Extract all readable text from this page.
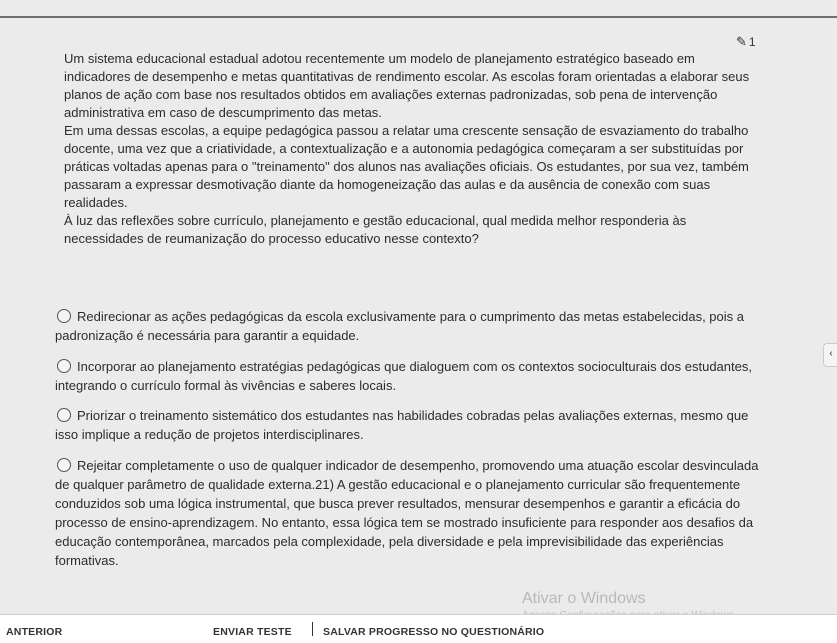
✎ 1

Um sistema educacional estadual adotou recentemente um modelo de planejamento estratégico baseado em indicadores de desempenho e metas quantitativas de rendimento escolar. As escolas foram orientadas a elaborar seus planos de ação com base nos resultados obtidos em avaliações externas padronizadas, sob pena de intervenção administrativa em caso de descumprimento das metas.

Em uma dessas escolas, a equipe pedagógica passou a relatar uma crescente sensação de esvaziamento do trabalho docente, uma vez que a criatividade, a contextualização e a autonomia pedagógica começaram a ser substituídas por práticas voltadas apenas para o "treinamento" dos alunos nas avaliações oficiais. Os estudantes, por sua vez, também passaram a expressar desmotivação diante da homogeneização das aulas e da ausência de conexão com suas realidades.

À luz das reflexões sobre currículo, planejamento e gestão educacional, qual medida melhor responderia às necessidades de reumanização do processo educativo nesse contexto?

Redirecionar as ações pedagógicas da escola exclusivamente para o cumprimento das metas estabelecidas, pois a padronização é necessária para garantir a equidade.
Incorporar ao planejamento estratégias pedagógicas que dialoguem com os contextos socioculturais dos estudantes, integrando o currículo formal às vivências e saberes locais.
Priorizar o treinamento sistemático dos estudantes nas habilidades cobradas pelas avaliações externas, mesmo que isso implique a redução de projetos interdisciplinares.
Rejeitar completamente o uso de qualquer indicador de desempenho, promovendo uma atuação escolar desvinculada de qualquer parâmetro de qualidade externa.21) A gestão educacional e o planejamento curricular são frequentemente conduzidos sob uma lógica instrumental, que busca prever resultados, mensurar desempenhos e garantir a eficácia do processo de ensino-aprendizagem. No entanto, essa lógica tem se mostrado insuficiente para responder aos desafios da educação contemporânea, marcados pela complexidade, pela diversidade e pela imprevisibilidade das experiências formativas.
‹
Ativar o Windows
ANTERIOR	ENVIAR TESTE	SALVAR PROGRESSO NO QUESTIONÁRIO
